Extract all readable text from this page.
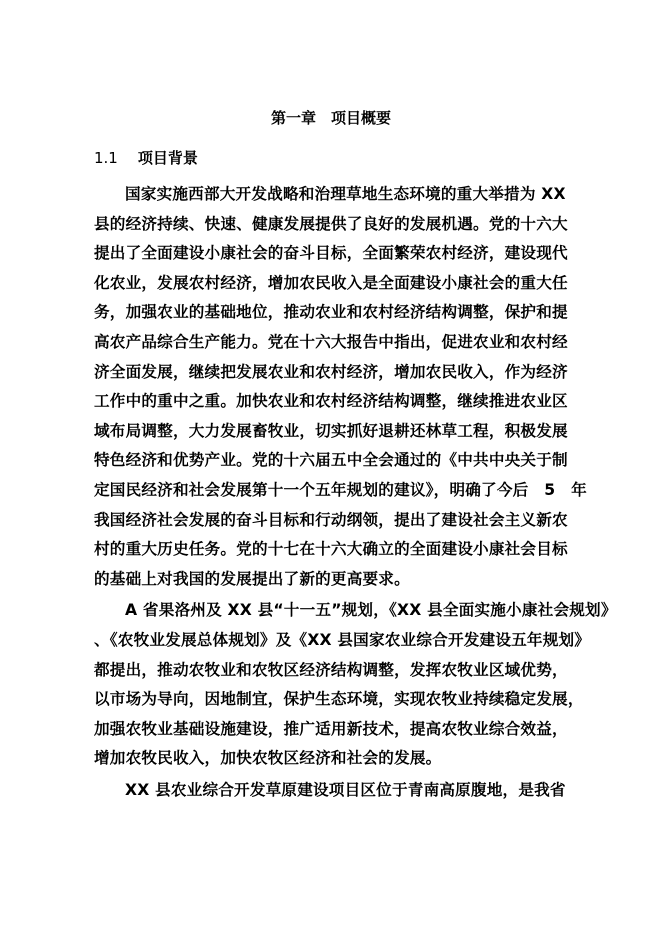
第一章　项目概要
1.1 项目背景
国家实施西部大开发战略和治理草地生态环境的重大举措为 XX
县的经济持续、快速、健康发展提供了良好的发展机遇。党的十六大
提出了全面建设小康社会的奋斗目标，全面繁荣农村经济，建设现代
化农业，发展农村经济，增加农民收入是全面建设小康社会的重大任
务，加强农业的基础地位，推动农业和农村经济结构调整，保护和提
高农产品综合生产能力。党在十六大报告中指出，促进农业和农村经
济全面发展，继续把发展农业和农村经济，增加农民收入，作为经济
工作中的重中之重。加快农业和农村经济结构调整，继续推进农业区
域布局调整，大力发展畜牧业，切实抓好退耕还林草工程，积极发展
特色经济和优势产业。党的十六届五中全会通过的《中共中央关于制
定国民经济和社会发展第十一个五年规划的建议》，明确了今后　5　年
我国经济社会发展的奋斗目标和行动纲领，提出了建设社会主义新农
村的重大历史任务。党的十七在十六大确立的全面建设小康社会目标
的基础上对我国的发展提出了新的更高要求。
A 省果洛州及 XX 县“十一五”规划，《XX 县全面实施小康社会规划》
、《农牧业发展总体规划》及《XX 县国家农业综合开发建设五年规划》
都提出，推动农牧业和农牧区经济结构调整，发挥农牧业区域优势，
以市场为导向，因地制宜，保护生态环境，实现农牧业持续稳定发展，
加强农牧业基础设施建设，推广适用新技术，提高农牧业综合效益，
增加农牧民收入，加快农牧区经济和社会的发展。
XX 县农业综合开发草原建设项目区位于青南高原腹地，是我省
